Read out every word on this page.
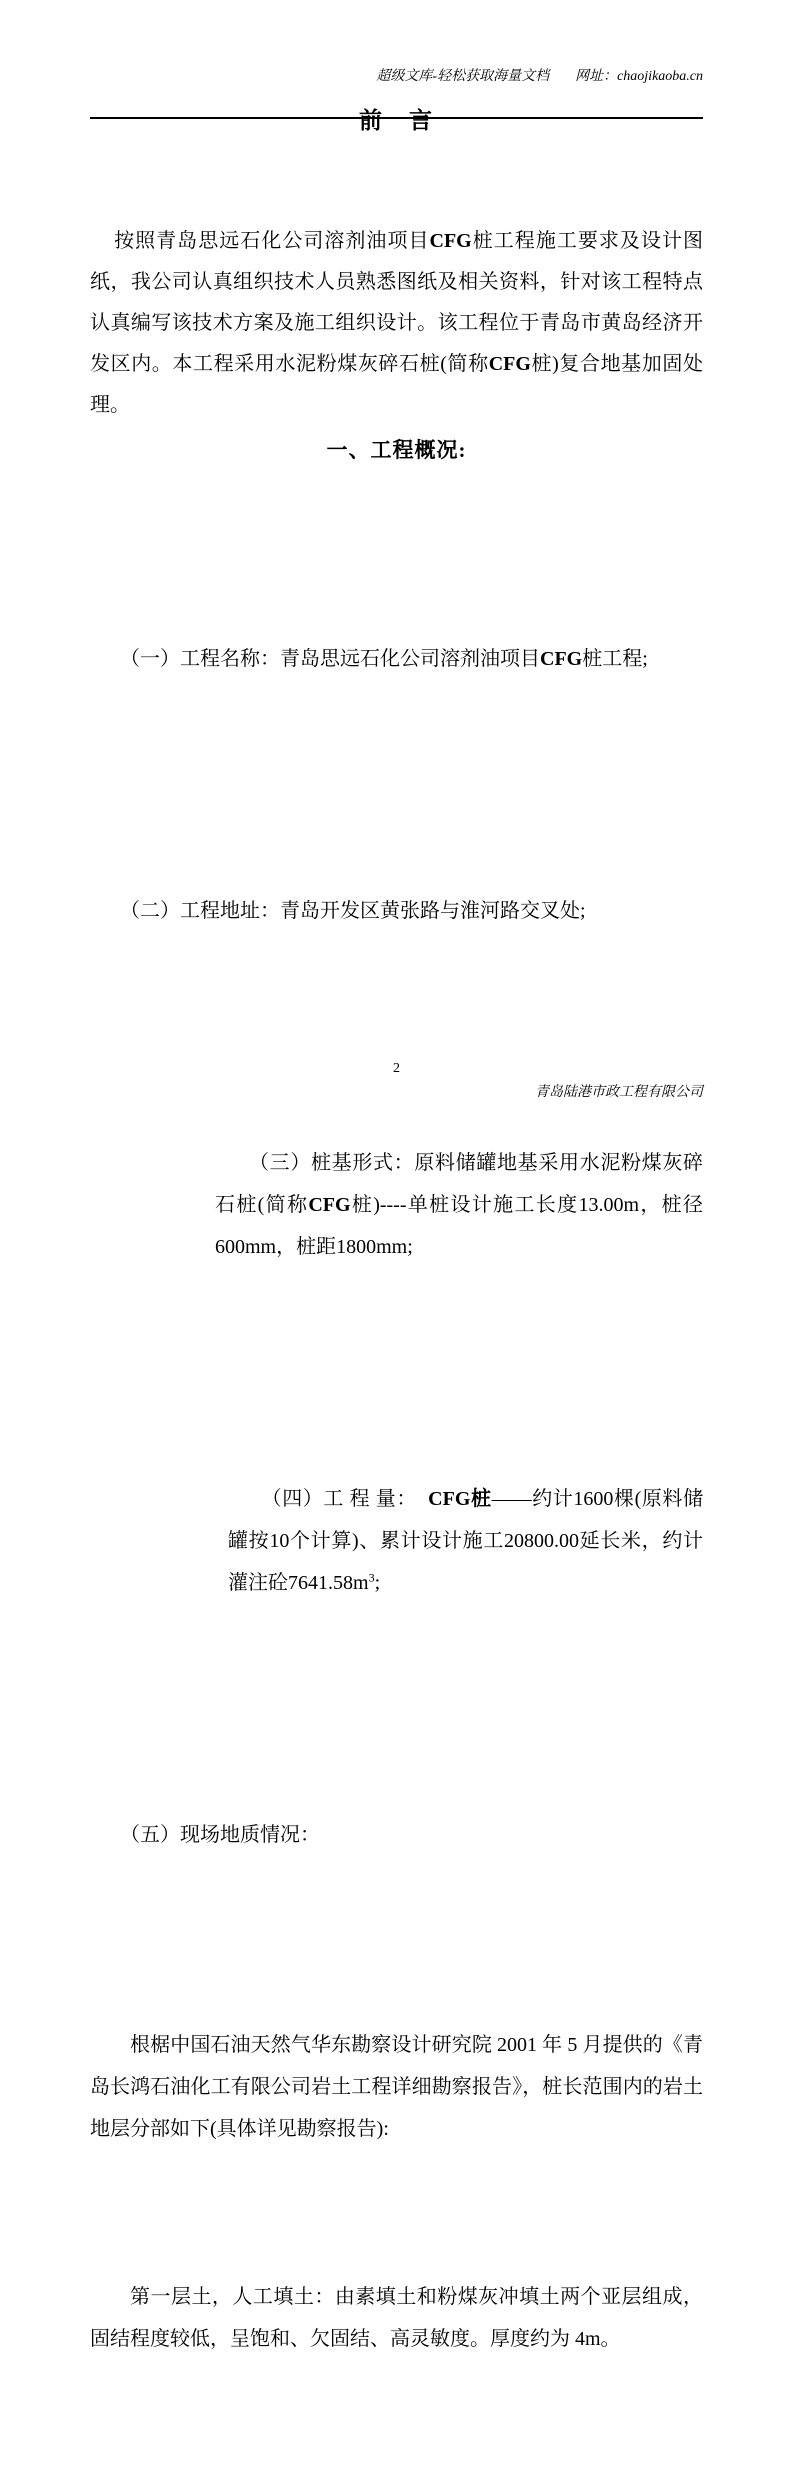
超级文库-轻松获取海量文档 网址：chaojikaoba.cn

前　言

按照青岛思远石化公司溶剂油项目CFG桩工程施工要求及设计图纸，我公司认真组织技术人员熟悉图纸及相关资料，针对该工程特点认真编写该技术方案及施工组织设计。该工程位于青岛市黄岛经济开发区内。本工程采用水泥粉煤灰碎石桩(简称CFG桩)复合地基加固处理。

一、工程概况:

（一）工程名称：青岛思远石化公司溶剂油项目CFG桩工程;

（二）工程地址：青岛开发区黄张路与淮河路交叉处;

（三）桩基形式：原料储罐地基采用水泥粉煤灰碎石桩(简称CFG桩)----单桩设计施工长度13.00m，桩径600mm，桩距1800mm;

（四）工 程 量：  CFG桩——约计1600棵(原料储罐按10个计算)、累计设计施工20800.00延长米，约计灌注砼$7641.58m^3$;

（五）现场地质情况：

根椐中国石油天然气华东勘察设计研究院 2001 年 5 月提供的《青岛长鸿石油化工有限公司岩土工程详细勘察报告》，桩长范围内的岩土地层分部如下(具体详见勘察报告):

第一层土，人工填土：由素填土和粉煤灰冲填土两个亚层组成，固结程度较低，呈饱和、欠固结、高灵敏度。厚度约为 4m。

2

青岛陆港市政工程有限公司
